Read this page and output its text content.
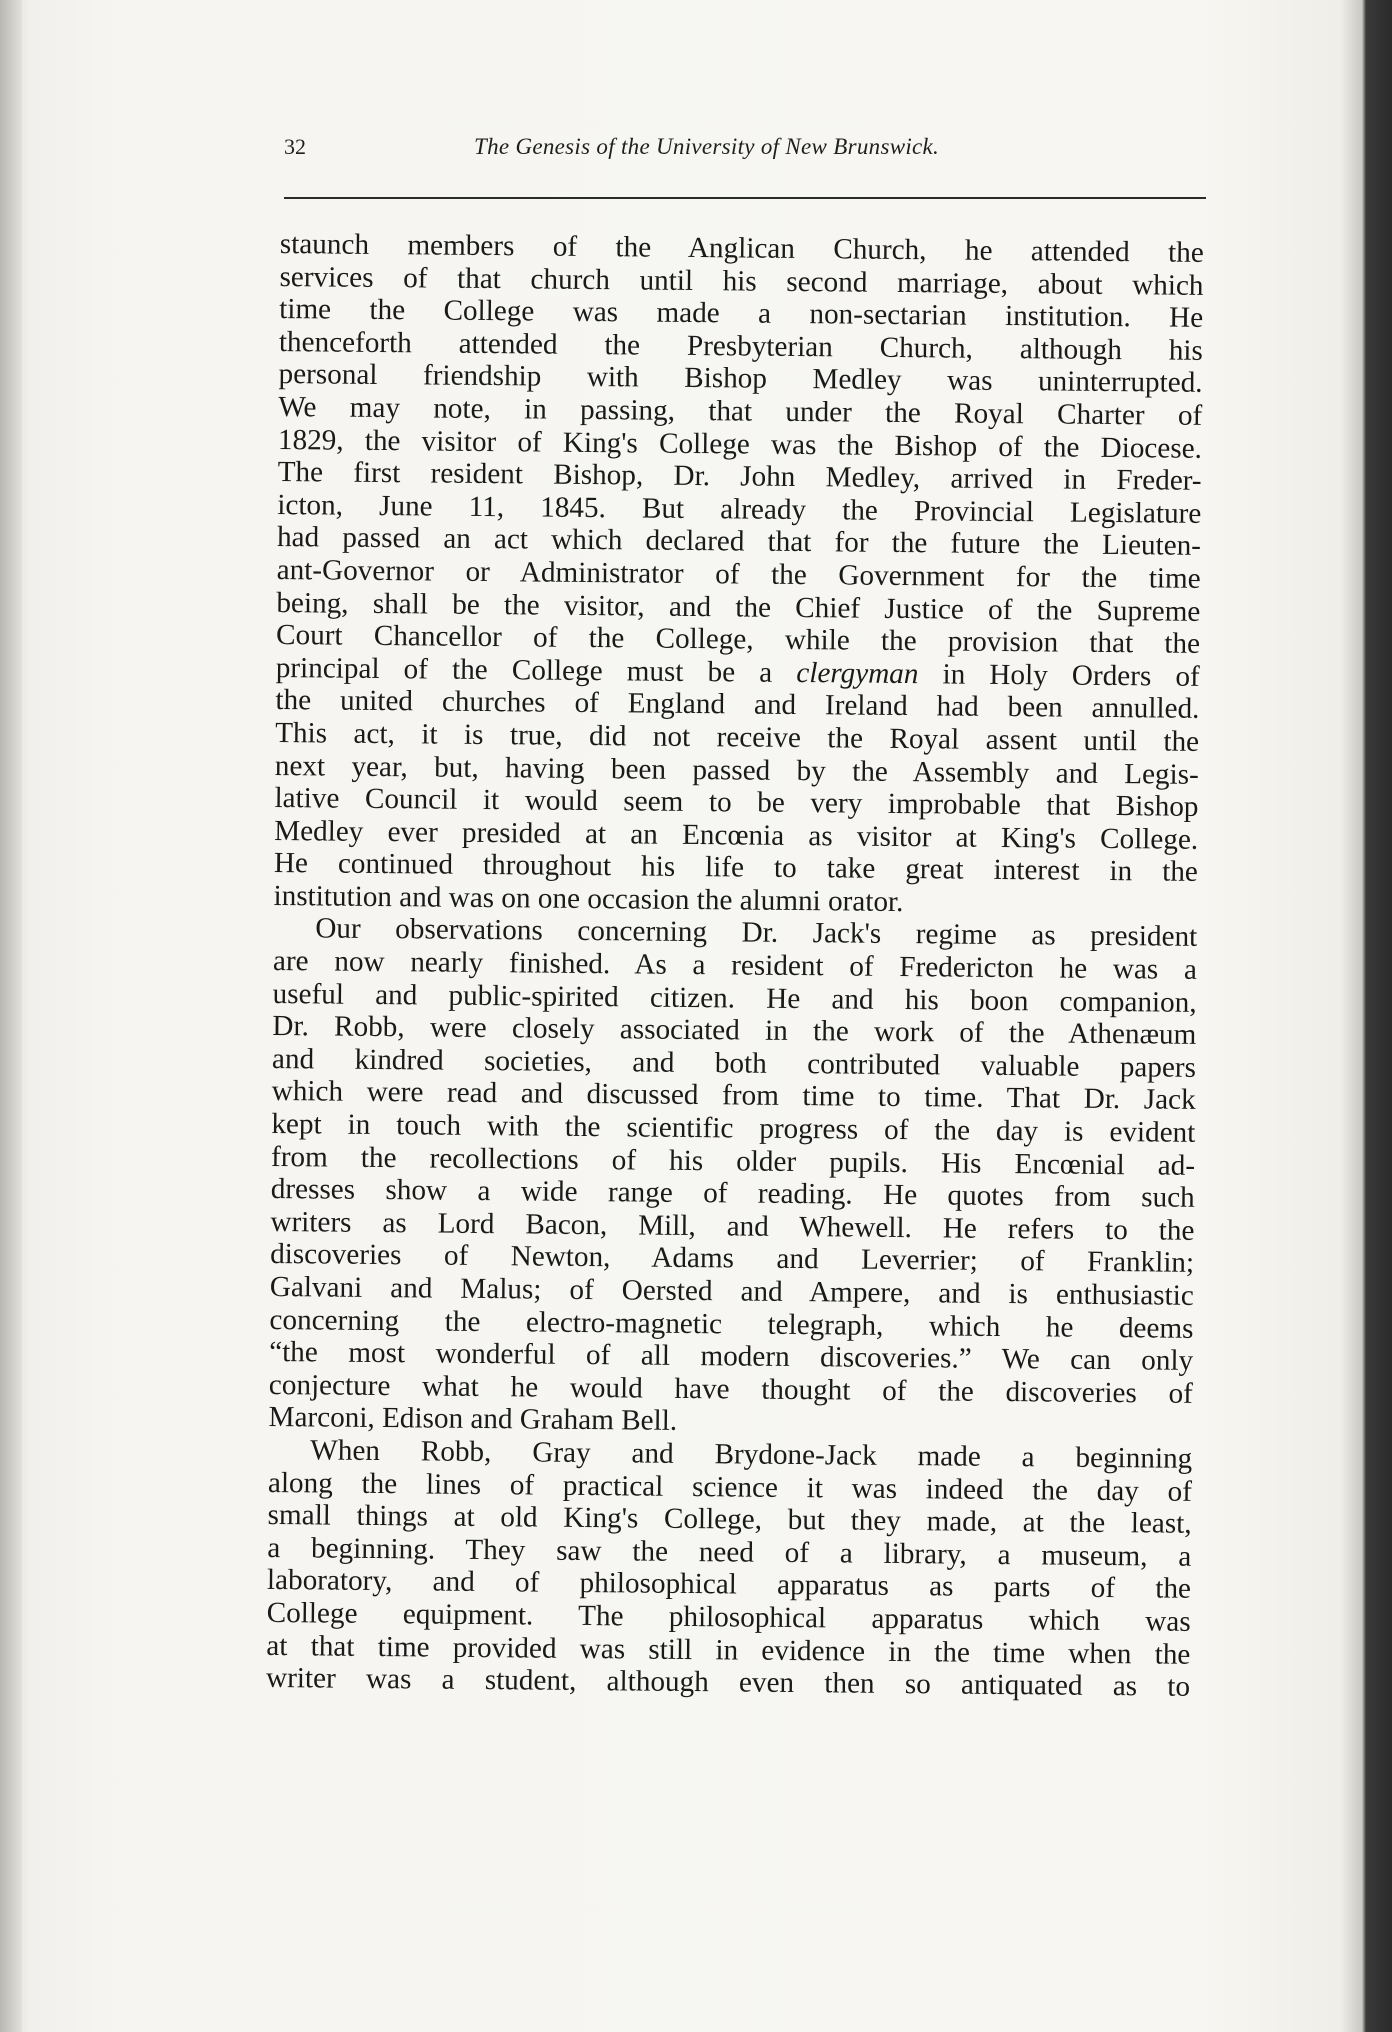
32	The Genesis of the University of New Brunswick.
staunch members of the Anglican Church, he attended the
services of that church until his second marriage, about which
time the College was made a non-sectarian institution. He
thenceforth attended the Presbyterian Church, although his
personal friendship with Bishop Medley was uninterrupted.
We may note, in passing, that under the Royal Charter of
1829, the visitor of King's College was the Bishop of the Diocese.
The first resident Bishop, Dr. John Medley, arrived in Freder-
icton, June 11, 1845. But already the Provincial Legislature
had passed an act which declared that for the future the Lieuten-
ant-Governor or Administrator of the Government for the time
being, shall be the visitor, and the Chief Justice of the Supreme
Court Chancellor of the College, while the provision that the
principal of the College must be a clergyman in Holy Orders of
the united churches of England and Ireland had been annulled.
This act, it is true, did not receive the Royal assent until the
next year, but, having been passed by the Assembly and Legis-
lative Council it would seem to be very improbable that Bishop
Medley ever presided at an Encœnia as visitor at King's College.
He continued throughout his life to take great interest in the
institution and was on one occasion the alumni orator.
Our observations concerning Dr. Jack's regime as president
are now nearly finished. As a resident of Fredericton he was a
useful and public-spirited citizen. He and his boon companion,
Dr. Robb, were closely associated in the work of the Athenæum
and kindred societies, and both contributed valuable papers
which were read and discussed from time to time. That Dr. Jack
kept in touch with the scientific progress of the day is evident
from the recollections of his older pupils. His Encœnial ad-
dresses show a wide range of reading. He quotes from such
writers as Lord Bacon, Mill, and Whewell. He refers to the
discoveries of Newton, Adams and Leverrier; of Franklin;
Galvani and Malus; of Oersted and Ampere, and is enthusiastic
concerning the electro-magnetic telegraph, which he deems
“the most wonderful of all modern discoveries.” We can only
conjecture what he would have thought of the discoveries of
Marconi, Edison and Graham Bell.
When Robb, Gray and Brydone-Jack made a beginning
along the lines of practical science it was indeed the day of
small things at old King's College, but they made, at the least,
a beginning. They saw the need of a library, a museum, a
laboratory, and of philosophical apparatus as parts of the
College equipment. The philosophical apparatus which was
at that time provided was still in evidence in the time when the
writer was a student, although even then so antiquated as to
